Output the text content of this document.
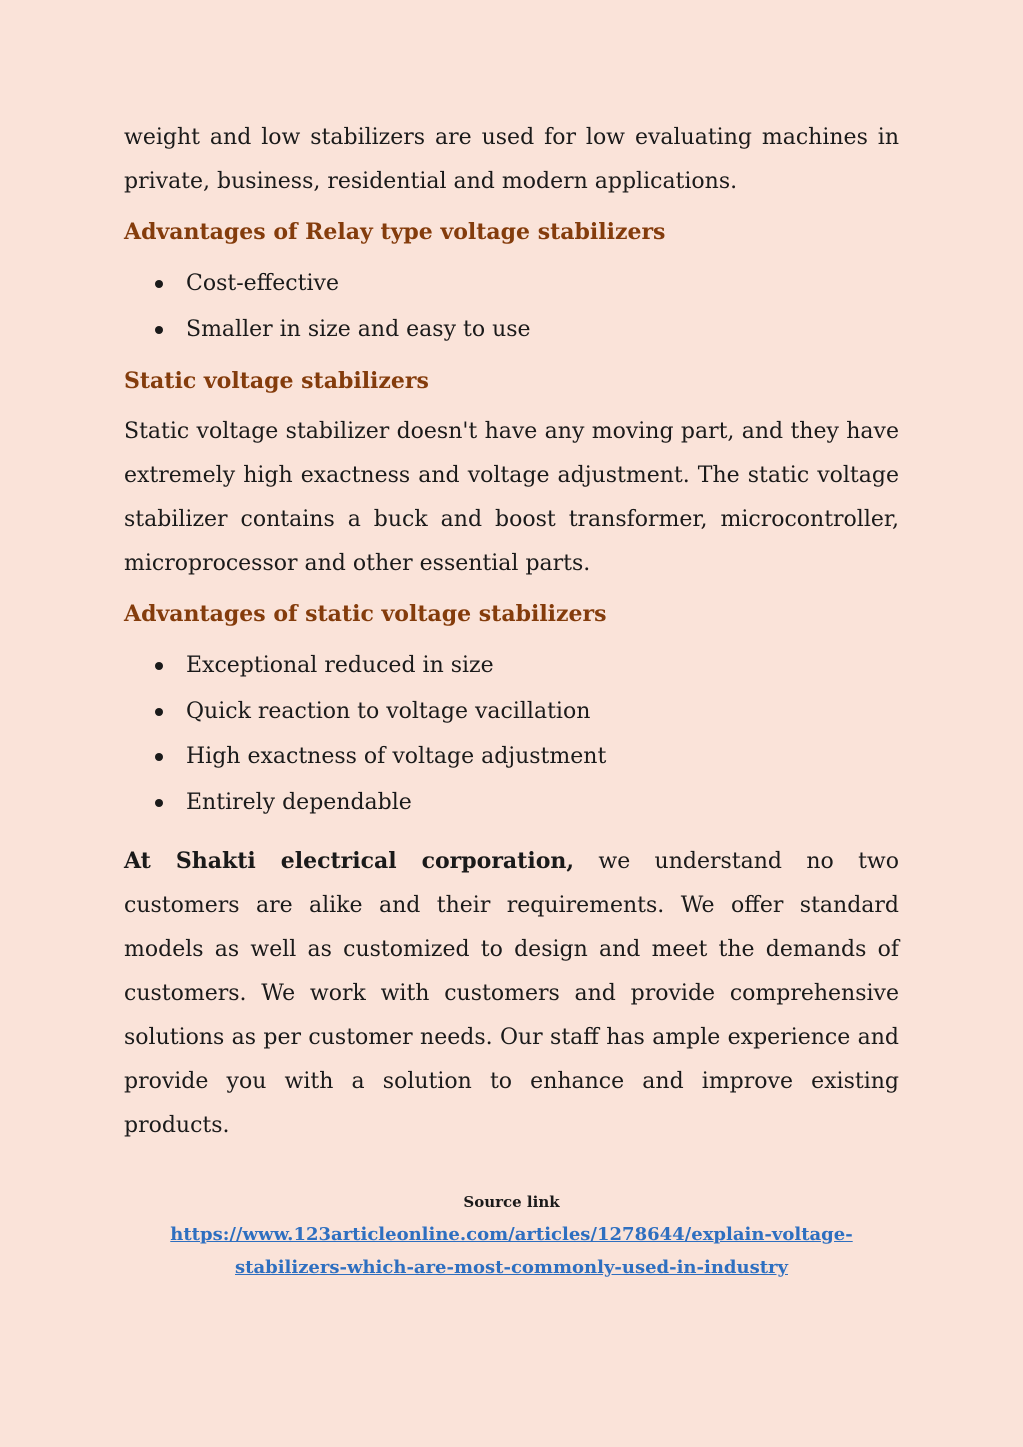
weight and low stabilizers are used for low evaluating machines in private, business, residential and modern applications.

Advantages of Relay type voltage stabilizers
Cost-effective
Smaller in size and easy to use
Static voltage stabilizers

Static voltage stabilizer doesn't have any moving part, and they have extremely high exactness and voltage adjustment. The static voltage stabilizer contains a buck and boost transformer, microcontroller, microprocessor and other essential parts.

Advantages of static voltage stabilizers
Exceptional reduced in size
Quick reaction to voltage vacillation
High exactness of voltage adjustment
Entirely dependable

At Shakti electrical corporation, we understand no two customers are alike and their requirements. We offer standard models as well as customized to design and meet the demands of customers. We work with customers and provide comprehensive solutions as per customer needs. Our staff has ample experience and provide you with a solution to enhance and improve existing products.

Source link
https://www.123articleonline.com/articles/1278644/explain-voltage-
stabilizers-which-are-most-commonly-used-in-industry
